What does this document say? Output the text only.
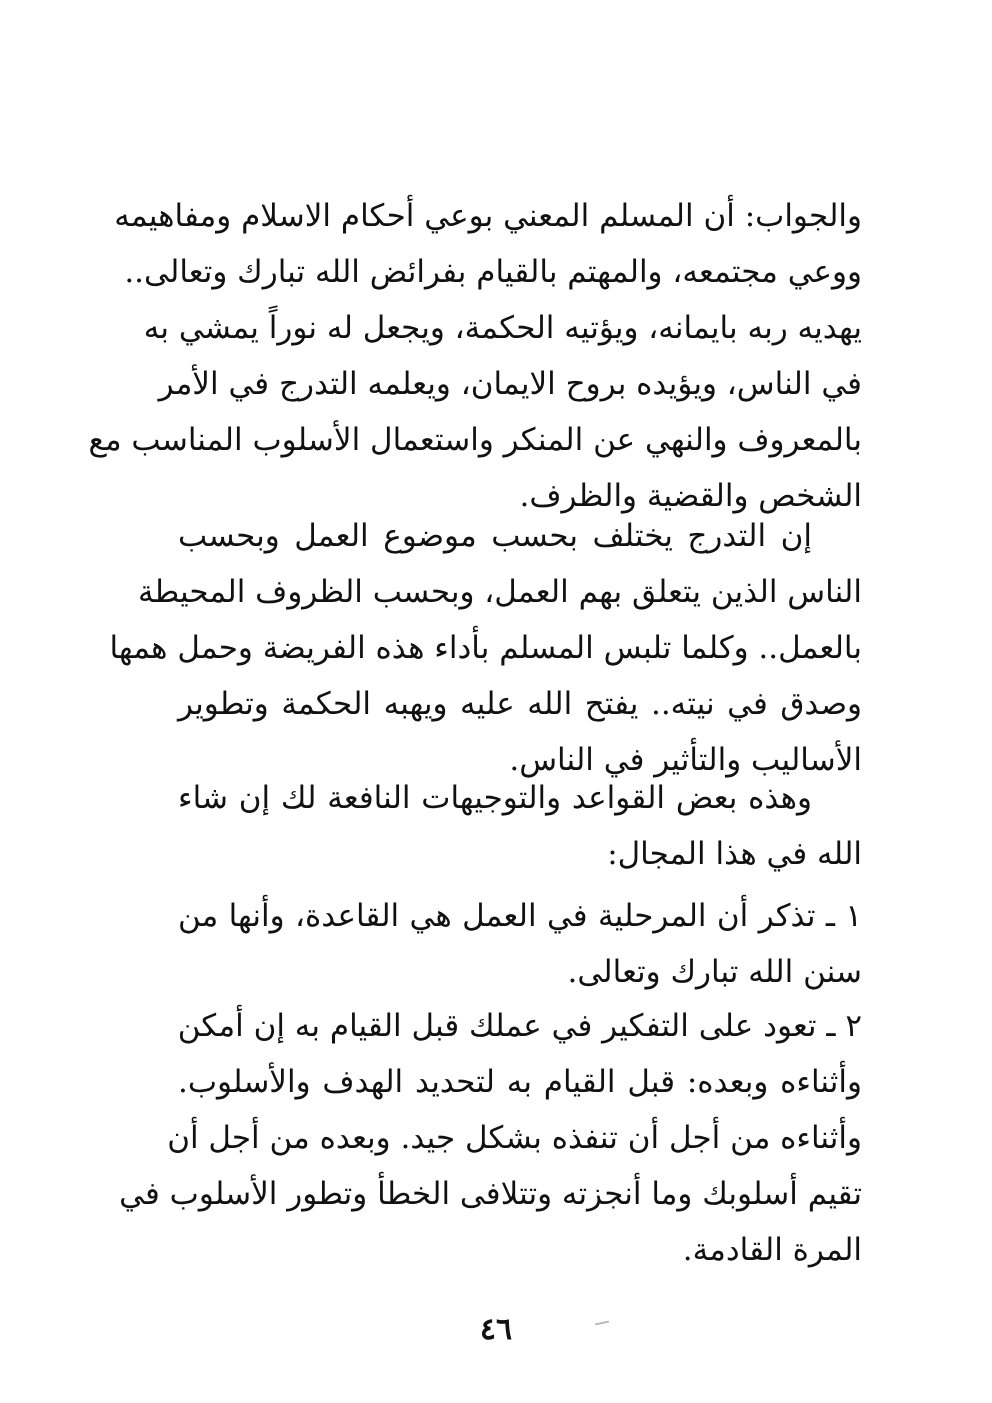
والجواب: أن المسلم المعني بوعي أحكام الاسلام ومفاهيمه
ووعي مجتمعه، والمهتم بالقيام بفرائض الله تبارك وتعالى..
يهديه ربه بايمانه، ويؤتيه الحكمة، ويجعل له نوراً يمشي به
في الناس، ويؤيده بروح الايمان، ويعلمه التدرج في الأمر
بالمعروف والنهي عن المنكر واستعمال الأسلوب المناسب مع
الشخص والقضية والظرف.
إن التدرج يختلف بحسب موضوع العمل وبحسب
الناس الذين يتعلق بهم العمل، وبحسب الظروف المحيطة
بالعمل.. وكلما تلبس المسلم بأداء هذه الفريضة وحمل همها
وصدق في نيته.. يفتح الله عليه ويهبه الحكمة وتطوير
الأساليب والتأثير في الناس.
وهذه بعض القواعد والتوجيهات النافعة لك إن شاء
الله في هذا المجال:
١ ـ تذكر أن المرحلية في العمل هي القاعدة، وأنها من
سنن الله تبارك وتعالى.
٢ ـ تعود على التفكير في عملك قبل القيام به إن أمكن
وأثناءه وبعده: قبل القيام به لتحديد الهدف والأسلوب.
وأثناءه من أجل أن تنفذه بشكل جيد. وبعده من أجل أن
تقيم أسلوبك وما أنجزته وتتلافى الخطأ وتطور الأسلوب في
المرة القادمة.
٤٦
